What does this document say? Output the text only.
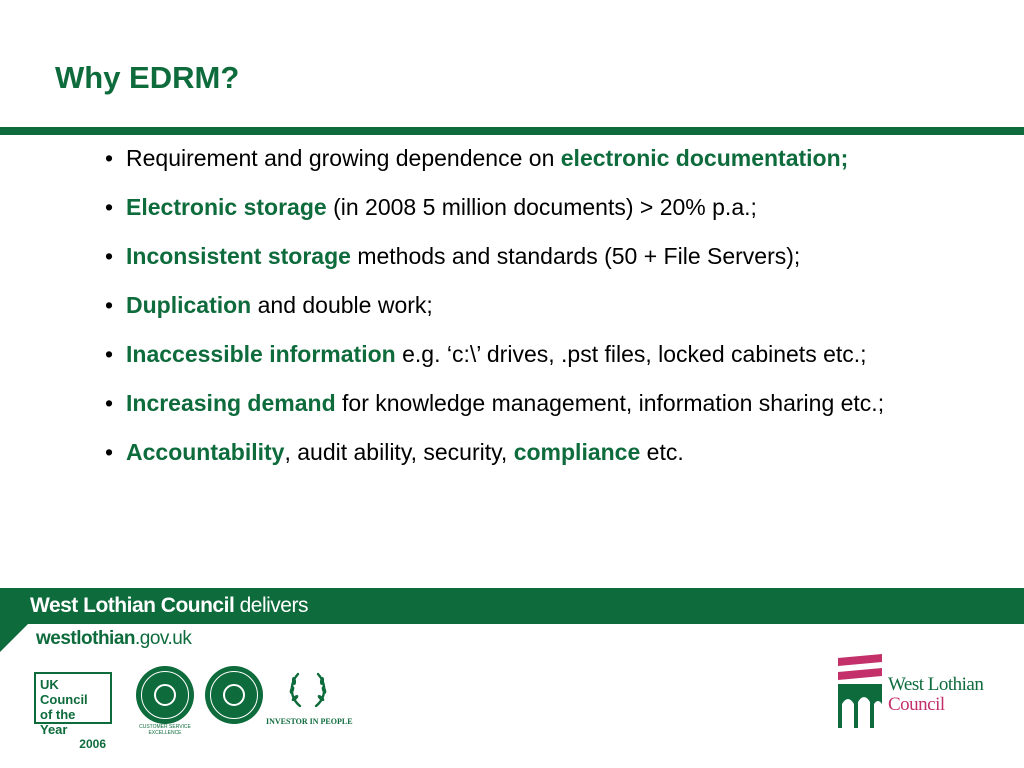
Why EDRM?
• Requirement and growing dependence on electronic documentation;
• Electronic storage (in 2008 5 million documents) > 20% p.a.;
• Inconsistent storage methods and standards (50 + File Servers);
• Duplication and double work;
• Inaccessible information e.g. ‘c:\’ drives, .pst files, locked cabinets etc.;
• Increasing demand for knowledge management, information sharing etc.;
• Accountability, audit ability, security, compliance etc.
West Lothian Council delivers
westlothian.gov.uk
UK Council
of the Year
2006
CUSTOMER SERVICE EXCELLENCE
INVESTOR IN PEOPLE
West Lothian
Council
